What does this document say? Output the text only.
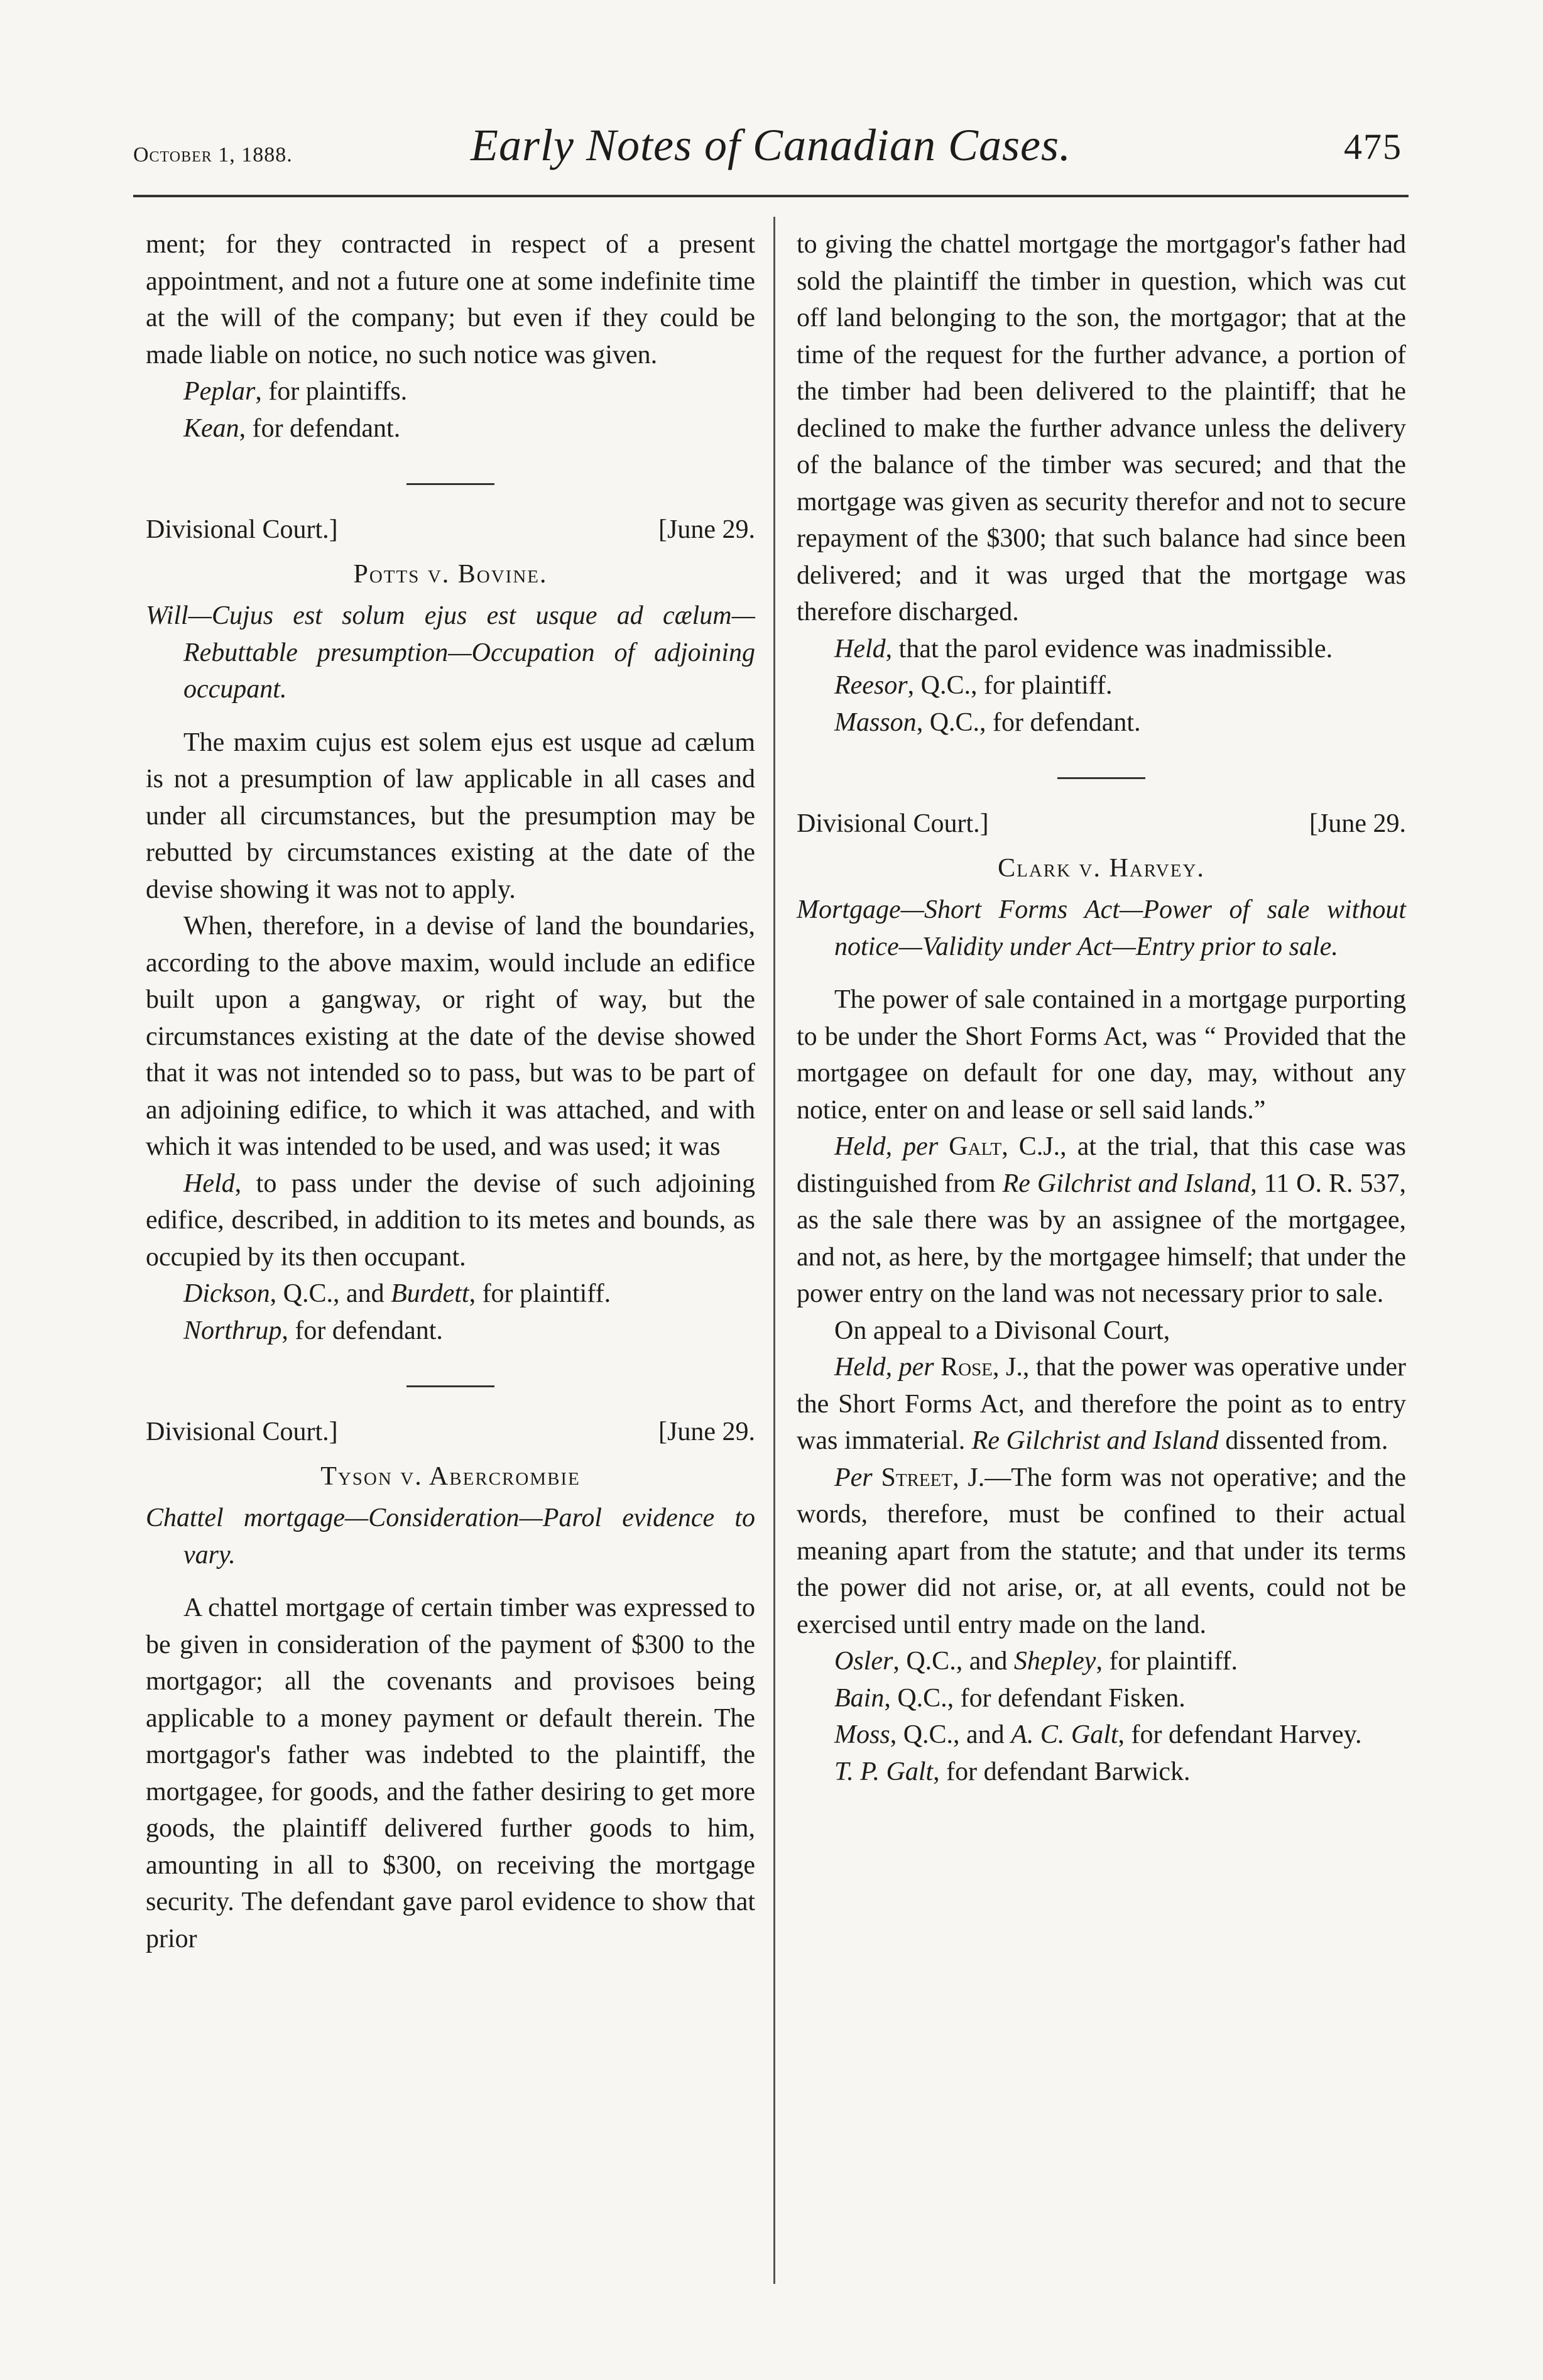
October 1, 1888.	Early Notes of Canadian Cases.	475

ment; for they contracted in respect of a present appointment, and not a future one at some indefinite time at the will of the company; but even if they could be made liable on notice, no such notice was given.

Peplar, for plaintiffs.

Kean, for defendant.

Divisional Court.]	[June 29.
Potts v. Bovine.

Will—Cujus est solum ejus est usque ad cælum—Rebuttable presumption—Occupation of adjoining occupant.

The maxim cujus est solem ejus est usque ad cælum is not a presumption of law applicable in all cases and under all circumstances, but the presumption may be rebutted by circumstances existing at the date of the devise showing it was not to apply.

When, therefore, in a devise of land the boundaries, according to the above maxim, would include an edifice built upon a gangway, or right of way, but the circumstances existing at the date of the devise showed that it was not intended so to pass, but was to be part of an adjoining edifice, to which it was attached, and with which it was intended to be used, and was used; it was

Held, to pass under the devise of such adjoining edifice, described, in addition to its metes and bounds, as occupied by its then occupant.

Dickson, Q.C., and Burdett, for plaintiff.

Northrup, for defendant.

Divisional Court.]	[June 29.
Tyson v. Abercrombie

Chattel mortgage—Consideration—Parol evidence to vary.

A chattel mortgage of certain timber was expressed to be given in consideration of the payment of $300 to the mortgagor; all the covenants and provisoes being applicable to a money payment or default therein. The mortgagor's father was indebted to the plaintiff, the mortgagee, for goods, and the father desiring to get more goods, the plaintiff delivered further goods to him, amounting in all to $300, on receiving the mortgage security. The defendant gave parol evidence to show that prior

to giving the chattel mortgage the mortgagor's father had sold the plaintiff the timber in question, which was cut off land belonging to the son, the mortgagor; that at the time of the request for the further advance, a portion of the timber had been delivered to the plaintiff; that he declined to make the further advance unless the delivery of the balance of the timber was secured; and that the mortgage was given as security therefor and not to secure repayment of the $300; that such balance had since been delivered; and it was urged that the mortgage was therefore discharged.

Held, that the parol evidence was inadmissible.

Reesor, Q.C., for plaintiff.

Masson, Q.C., for defendant.

Divisional Court.]	[June 29.
Clark v. Harvey.

Mortgage—Short Forms Act—Power of sale without notice—Validity under Act—Entry prior to sale.

The power of sale contained in a mortgage purporting to be under the Short Forms Act, was “ Provided that the mortgagee on default for one day, may, without any notice, enter on and lease or sell said lands.”

Held, per Galt, C.J., at the trial, that this case was distinguished from Re Gilchrist and Island, 11 O. R. 537, as the sale there was by an assignee of the mortgagee, and not, as here, by the mortgagee himself; that under the power entry on the land was not necessary prior to sale.

On appeal to a Divisonal Court,

Held, per Rose, J., that the power was operative under the Short Forms Act, and therefore the point as to entry was immaterial. Re Gilchrist and Island dissented from.

Per Street, J.—The form was not operative; and the words, therefore, must be confined to their actual meaning apart from the statute; and that under its terms the power did not arise, or, at all events, could not be exercised until entry made on the land.

Osler, Q.C., and Shepley, for plaintiff.

Bain, Q.C., for defendant Fisken.

Moss, Q.C., and A. C. Galt, for defendant Harvey.

T. P. Galt, for defendant Barwick.
